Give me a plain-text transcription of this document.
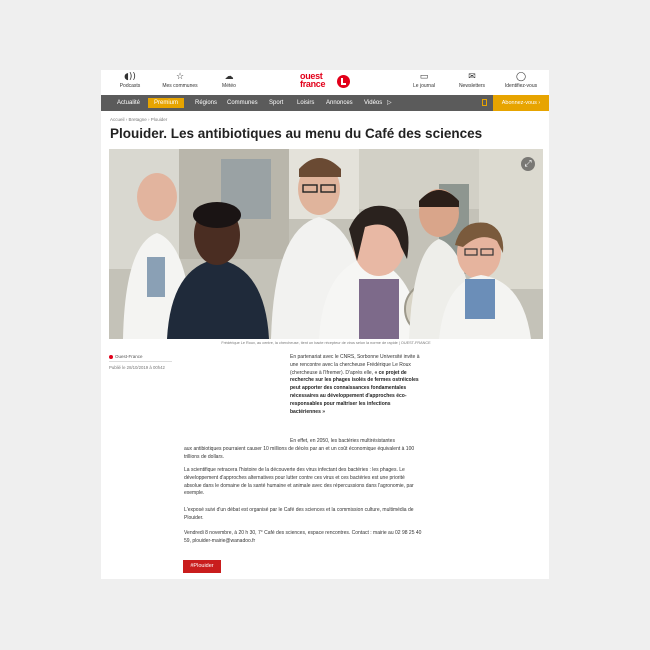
◖))
Podcasts
☆
Mes communes
☁
Météo
ouest
france
▭
Le journal
✉
Newsletters
◯
Identifiez-vous
Actualité	Premium	Régions Communes Sport Loisirs Annonces Vidéos ▷	Abonnez-vous ›
Accueil › Bretagne › Plouider
Plouider. Les antibiotiques au menu du Café des sciences
⤢
Frédérique Le Roux, au centre, la chercheuse, tient un bacte récepteur de virus selon la norme de rapide | OUEST-FRANCE
Ouest-France
Publié le 28/10/2019 à 00h42
En partenariat avec le CNRS, Sorbonne Université invite à une rencontre avec la chercheuse Frédérique Le Roux (chercheuse à l'Ifremer). D'après elle, « ce projet de recherche sur les phages isolés de fermes ostréicoles peut apporter des connaissances fondamentales nécessaires au développement d'approches éco-responsables pour maîtriser les infections bactériennes »
En effet, en 2050, les bactéries multirésistantes
aux antibiotiques pourraient causer 10 millions de décès par an et un coût économique équivalent à 100 trillions de dollars.
La scientifique retracera l'histoire de la découverte des virus infectant des bactéries : les phages. Le développement d'approches alternatives pour lutter contre ces virus et ces bactéries est une priorité absolue dans le domaine de la santé humaine et animale avec des répercussions dans l'agronomie, par exemple.
L'exposé suivi d'un débat est organisé par le Café des sciences et la commission culture, multimédia de Plouider.
Vendredi 8 novembre, à 20 h 30, 7° Café des sciences, espace rencontres. Contact : mairie au 02 98 25 40 59, plouider-mairie@wanadoo.fr
#Plouider
